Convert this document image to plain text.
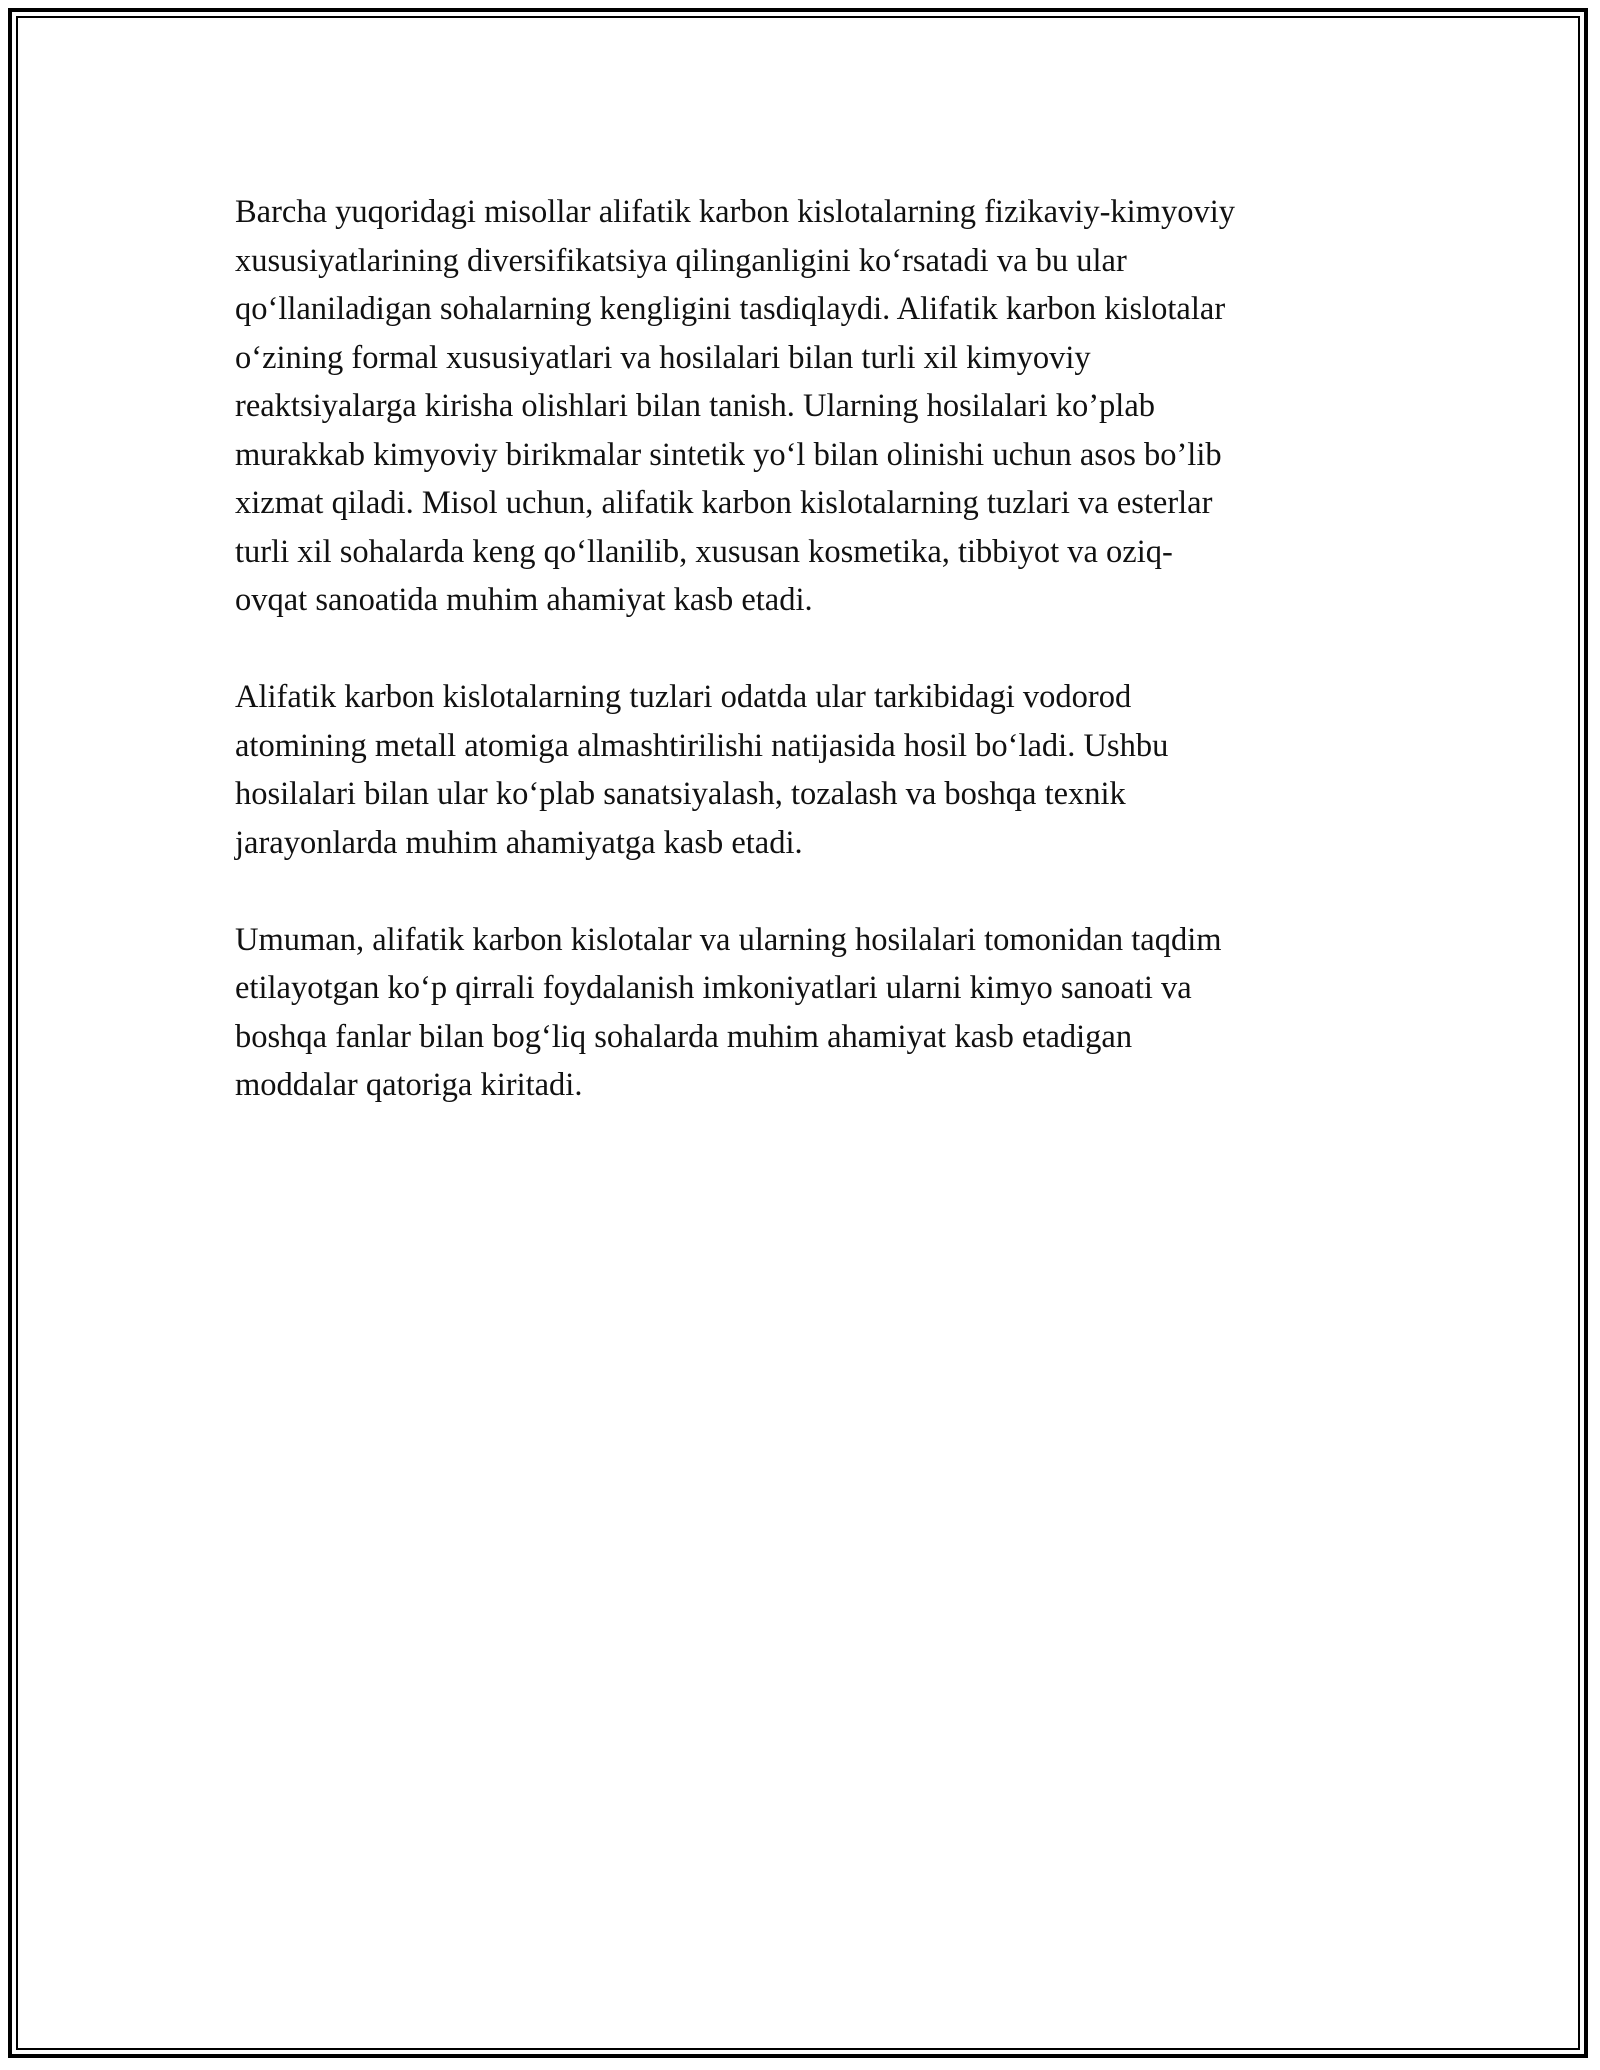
Barcha yuqoridagi misollar alifatik karbon kislotalarning fizikaviy-kimyoviy
xususiyatlarining diversifikatsiya qilinganligini ko‘rsatadi va bu ular
qo‘llaniladigan sohalarning kengligini tasdiqlaydi. Alifatik karbon kislotalar
o‘zining formal xususiyatlari va hosilalari bilan turli xil kimyoviy
reaktsiyalarga kirisha olishlari bilan tanish. Ularning hosilalari ko’plab
murakkab kimyoviy birikmalar sintetik yo‘l bilan olinishi uchun asos bo’lib
xizmat qiladi. Misol uchun, alifatik karbon kislotalarning tuzlari va esterlar
turli xil sohalarda keng qo‘llanilib, xususan kosmetika, tibbiyot va oziq-
ovqat sanoatida muhim ahamiyat kasb etadi.

Alifatik karbon kislotalarning tuzlari odatda ular tarkibidagi vodorod
atomining metall atomiga almashtirilishi natijasida hosil bo‘ladi. Ushbu
hosilalari bilan ular ko‘plab sanatsiyalash, tozalash va boshqa texnik
jarayonlarda muhim ahamiyatga kasb etadi.

Umuman, alifatik karbon kislotalar va ularning hosilalari tomonidan taqdim
etilayotgan ko‘p qirrali foydalanish imkoniyatlari ularni kimyo sanoati va
boshqa fanlar bilan bog‘liq sohalarda muhim ahamiyat kasb etadigan
moddalar qatoriga kiritadi.
